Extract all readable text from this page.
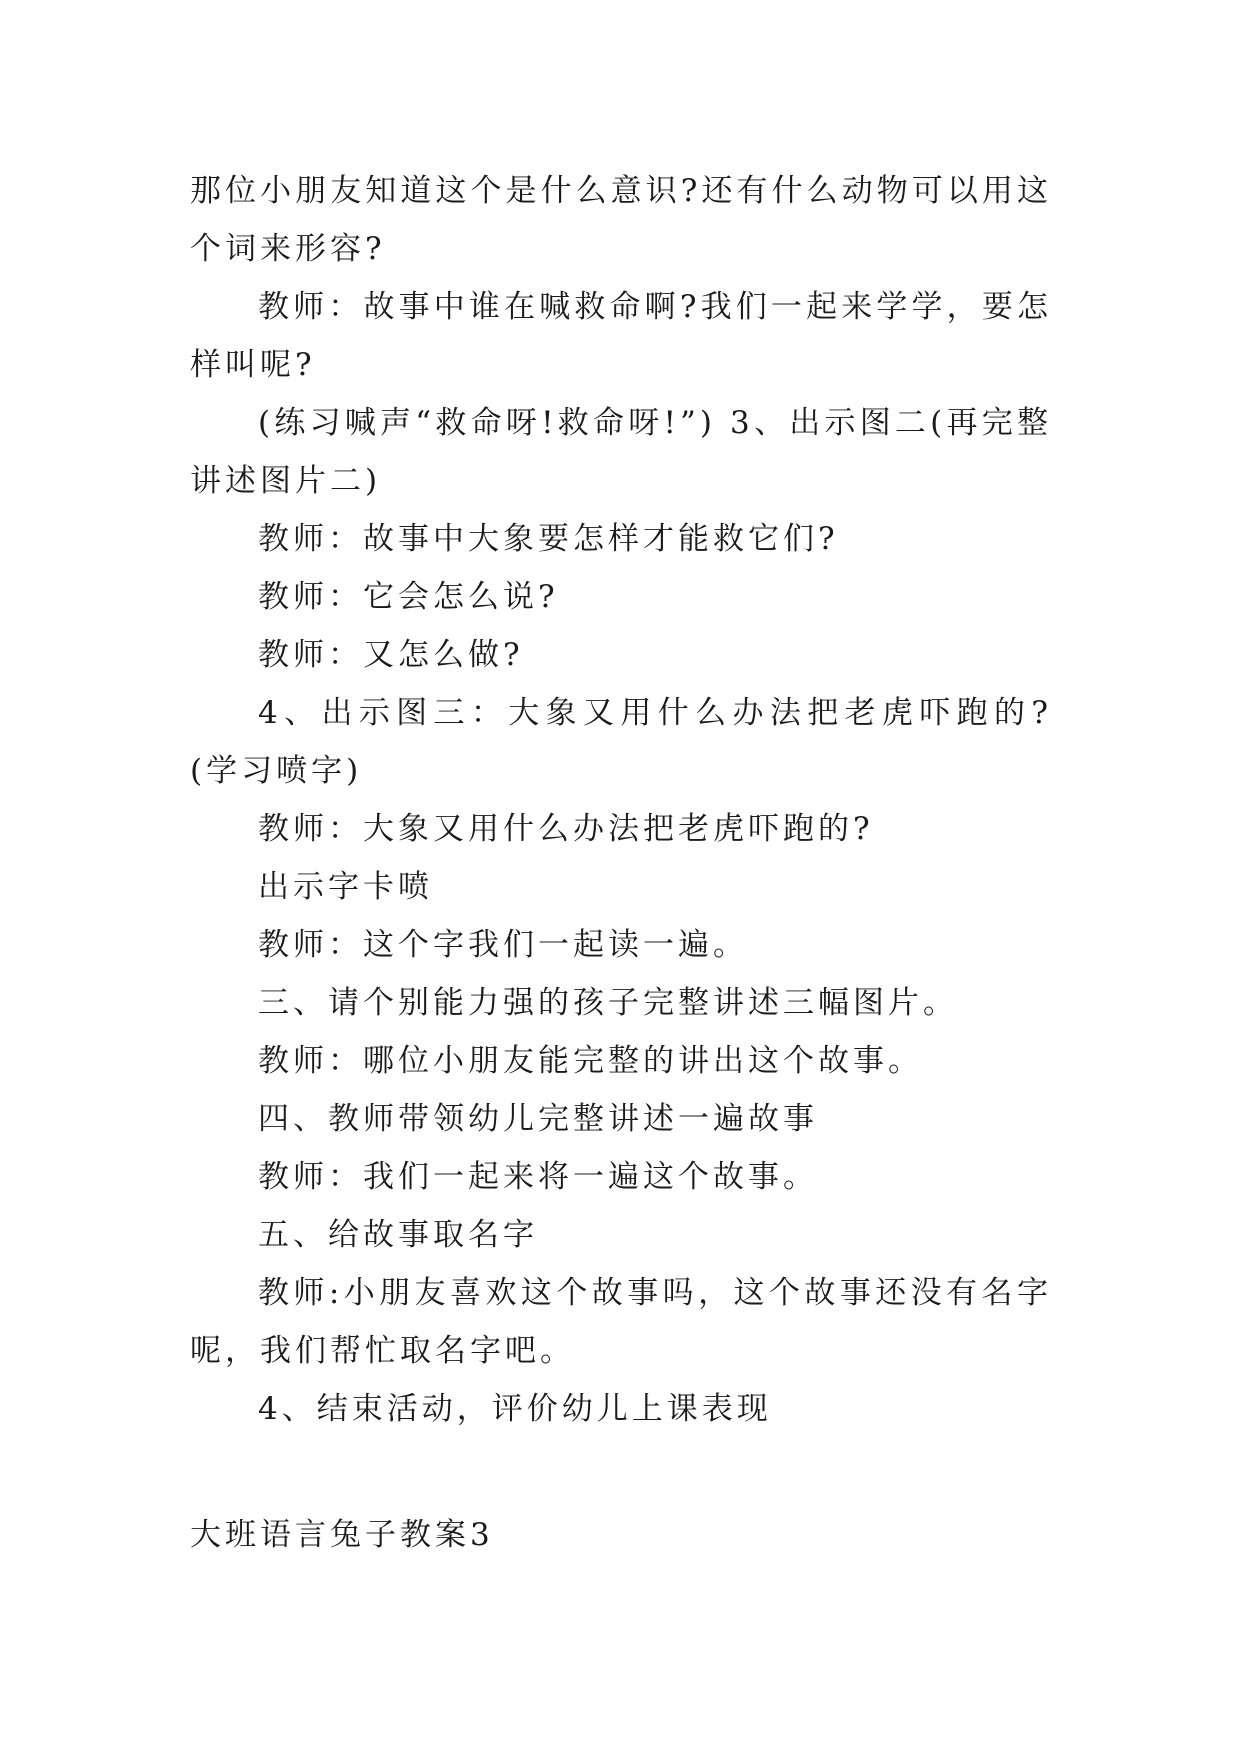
那位小朋友知道这个是什么意识?还有什么动物可以用这个词来形容?

教师：故事中谁在喊救命啊?我们一起来学学，要怎样叫呢?

(练习喊声“救命呀!救命呀!”) 3、出示图二(再完整讲述图片二)

教师：故事中大象要怎样才能救它们?

教师：它会怎么说?

教师：又怎么做?

4、出示图三：大象又用什么办法把老虎吓跑的?(学习喷字)

教师：大象又用什么办法把老虎吓跑的?

出示字卡喷

教师：这个字我们一起读一遍。

三、请个别能力强的孩子完整讲述三幅图片。

教师：哪位小朋友能完整的讲出这个故事。

四、教师带领幼儿完整讲述一遍故事

教师：我们一起来将一遍这个故事。

五、给故事取名字

教师:小朋友喜欢这个故事吗，这个故事还没有名字呢，我们帮忙取名字吧。

4、结束活动，评价幼儿上课表现

大班语言兔子教案3
